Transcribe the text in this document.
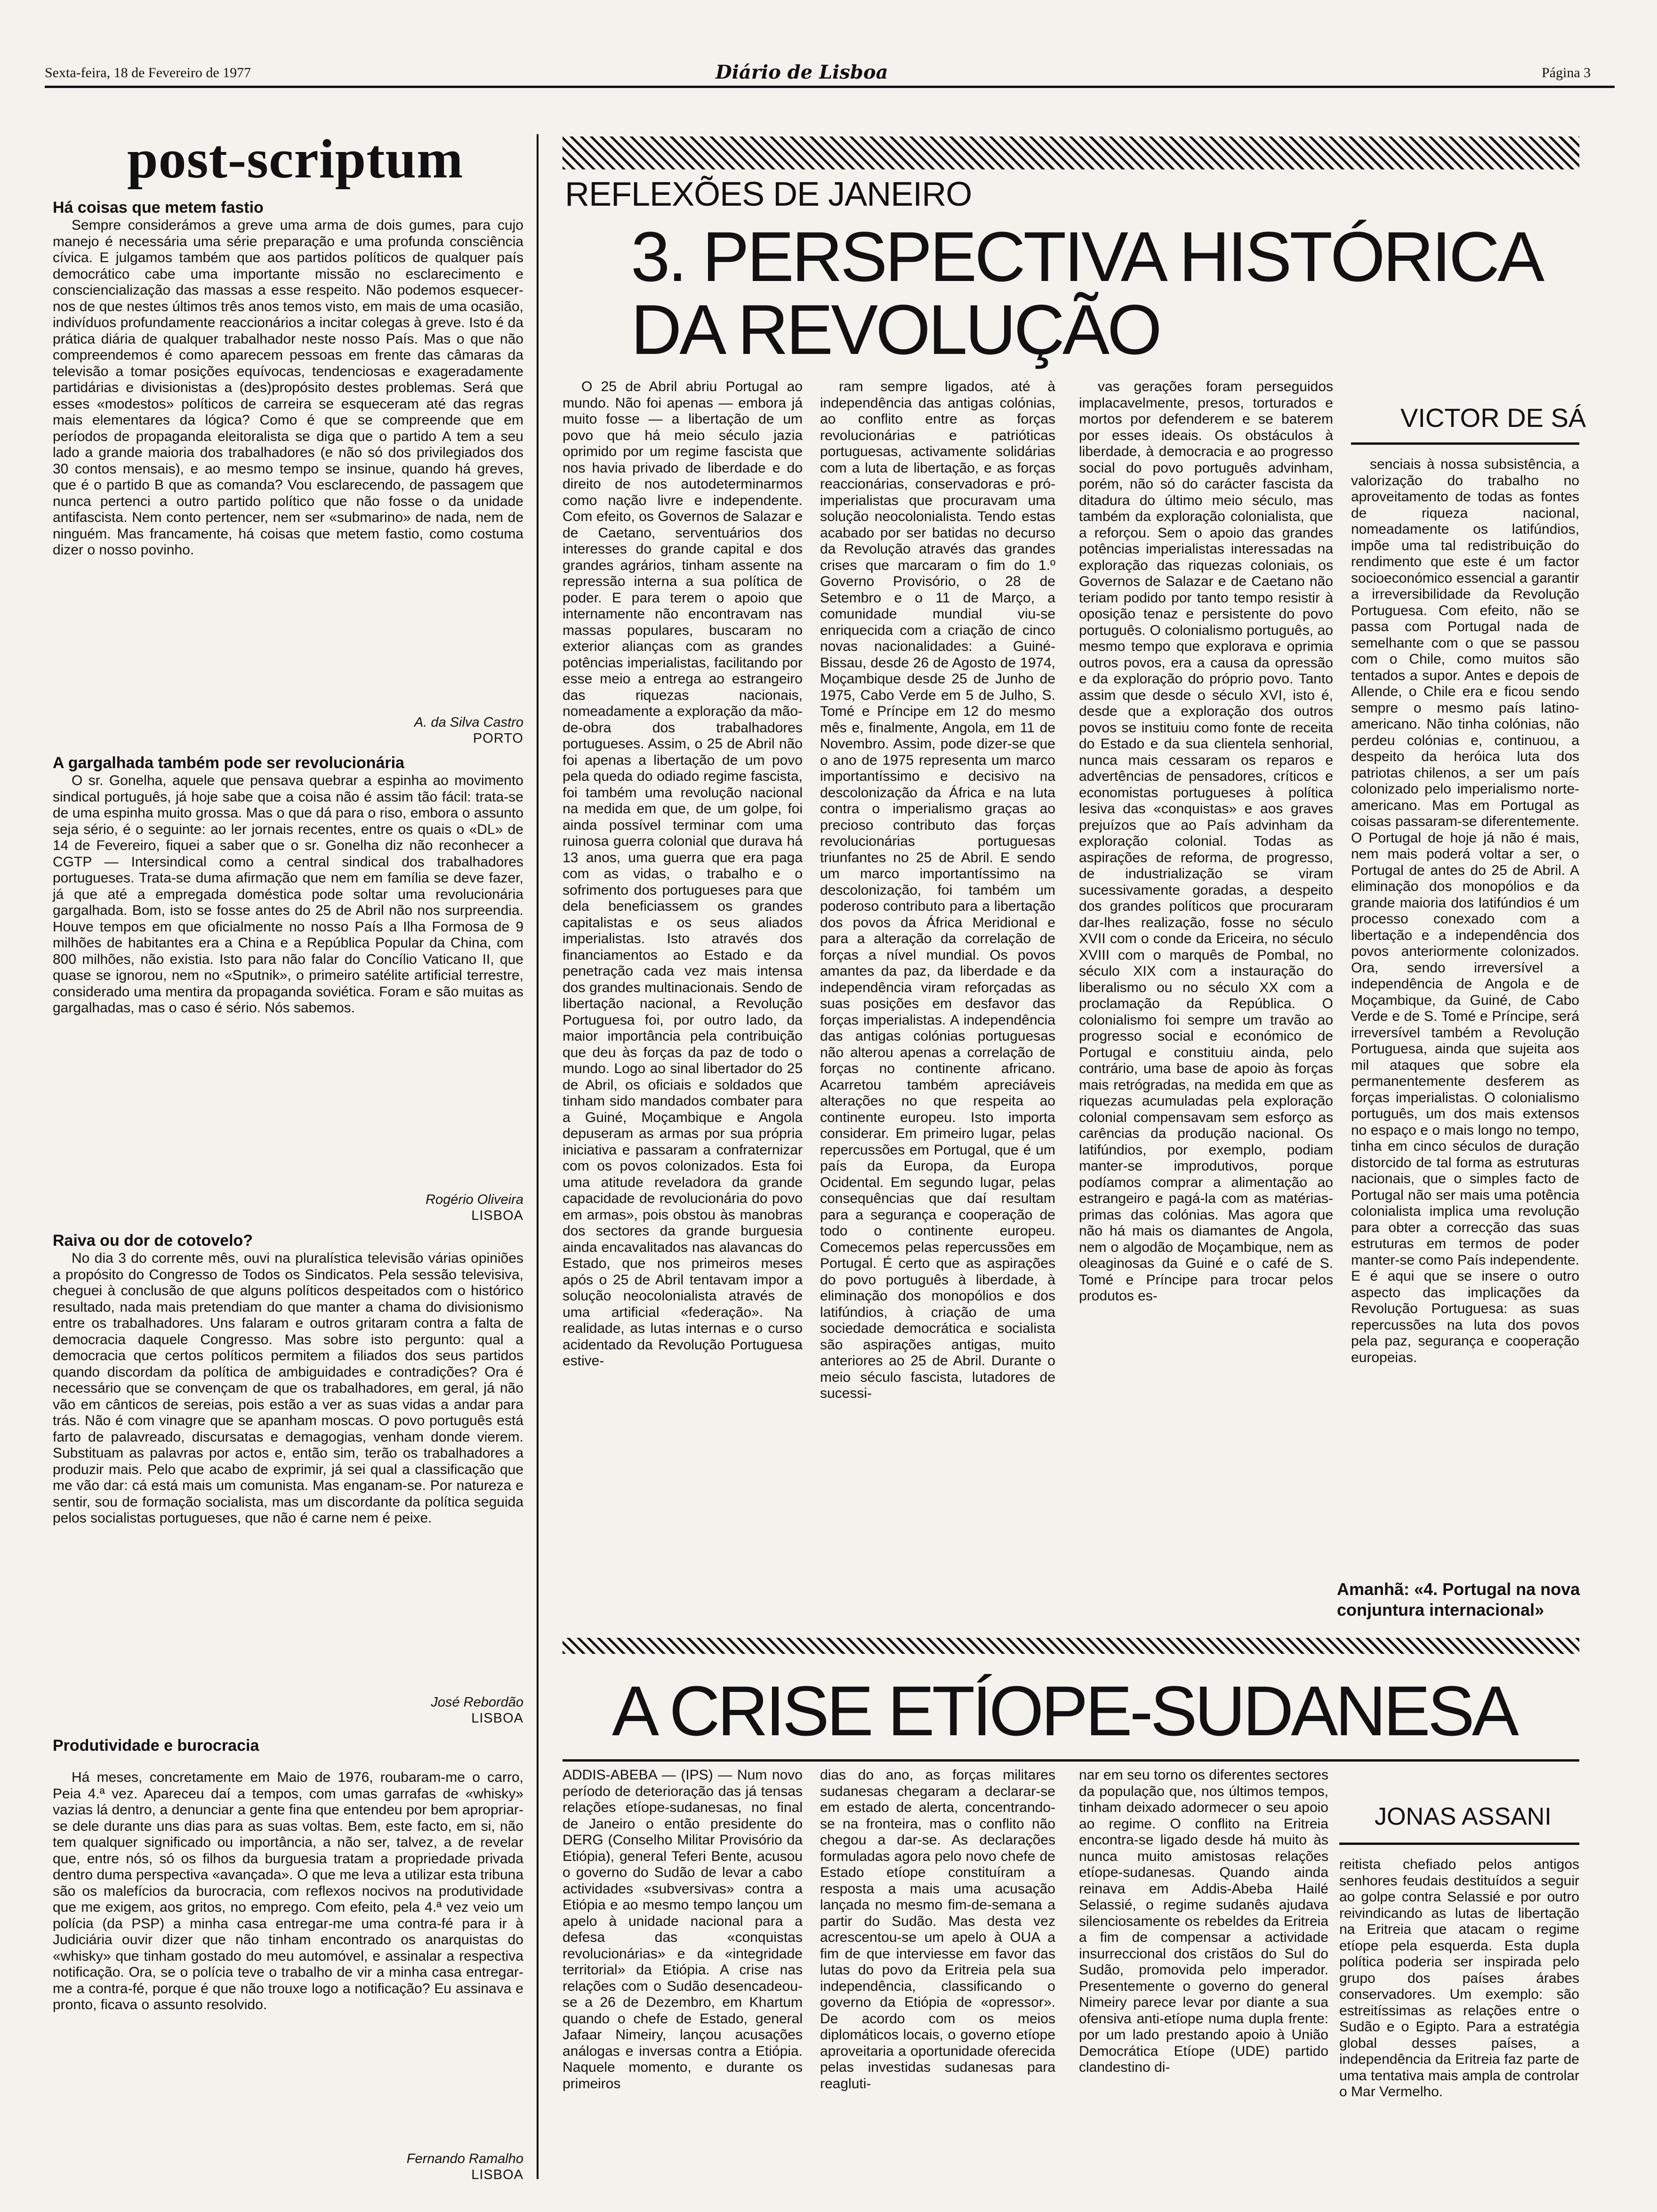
Sexta-feira, 18 de Fevereiro de 1977	Diário de Lisboa	Página 3
post-scriptum
Há coisas que metem fastio

Sempre considerámos a greve uma arma de dois gumes, para cujo manejo é necessária uma série preparação e uma profunda consciência cívica. E julgamos também que aos partidos políticos de qualquer país democrático cabe uma importante missão no esclarecimento e consciencialização das massas a esse respeito. Não podemos esquecer-nos de que nestes últimos três anos temos visto, em mais de uma ocasião, indivíduos profundamente reaccionários a incitar colegas à greve. Isto é da prática diária de qualquer trabalhador neste nosso País. Mas o que não compreendemos é como aparecem pessoas em frente das câmaras da televisão a tomar posições equívocas, tendenciosas e exageradamente partidárias e divisionistas a (des)propósito destes problemas. Será que esses «modestos» políticos de carreira se esqueceram até das regras mais elementares da lógica? Como é que se compreende que em períodos de propaganda eleitoralista se diga que o partido A tem a seu lado a grande maioria dos trabalhadores (e não só dos privilegiados dos 30 contos mensais), e ao mesmo tempo se insinue, quando há greves, que é o partido B que as comanda? Vou esclarecendo, de passagem que nunca pertenci a outro partido político que não fosse o da unidade antifascista. Nem conto pertencer, nem ser «submarino» de nada, nem de ninguém. Mas francamente, há coisas que metem fastio, como costuma dizer o nosso povinho.

A. da Silva Castro
PORTO
A gargalhada também pode ser revolucionária

O sr. Gonelha, aquele que pensava quebrar a espinha ao movimento sindical português, já hoje sabe que a coisa não é assim tão fácil: trata-se de uma espinha muito grossa. Mas o que dá para o riso, embora o assunto seja sério, é o seguinte: ao ler jornais recentes, entre os quais o «DL» de 14 de Fevereiro, fiquei a saber que o sr. Gonelha diz não reconhecer a CGTP — Intersindical como a central sindical dos trabalhadores portugueses. Trata-se duma afirmação que nem em família se deve fazer, já que até a empregada doméstica pode soltar uma revolucionária gargalhada. Bom, isto se fosse antes do 25 de Abril não nos surpreendia. Houve tempos em que oficialmente no nosso País a Ilha Formosa de 9 milhões de habitantes era a China e a República Popular da China, com 800 milhões, não existia. Isto para não falar do Concílio Vaticano II, que quase se ignorou, nem no «Sputnik», o primeiro satélite artificial terrestre, considerado uma mentira da propaganda soviética. Foram e são muitas as gargalhadas, mas o caso é sério. Nós sabemos.

Rogério Oliveira
LISBOA
Raiva ou dor de cotovelo?

No dia 3 do corrente mês, ouvi na pluralística televisão várias opiniões a propósito do Congresso de Todos os Sindicatos. Pela sessão televisiva, cheguei à conclusão de que alguns políticos despeitados com o histórico resultado, nada mais pretendiam do que manter a chama do divisionismo entre os trabalhadores. Uns falaram e outros gritaram contra a falta de democracia daquele Congresso. Mas sobre isto pergunto: qual a democracia que certos políticos permitem a filiados dos seus partidos quando discordam da política de ambiguidades e contradições? Ora é necessário que se convençam de que os trabalhadores, em geral, já não vão em cânticos de sereias, pois estão a ver as suas vidas a andar para trás. Não é com vinagre que se apanham moscas. O povo português está farto de palavreado, discursatas e demagogias, venham donde vierem. Substituam as palavras por actos e, então sim, terão os trabalhadores a produzir mais. Pelo que acabo de exprimir, já sei qual a classificação que me vão dar: cá está mais um comunista. Mas enganam-se. Por natureza e sentir, sou de formação socialista, mas um discordante da política seguida pelos socialistas portugueses, que não é carne nem é peixe.

José Rebordão
LISBOA
Produtividade e burocracia

Há meses, concretamente em Maio de 1976, roubaram-me o carro, Peia 4.ª vez. Apareceu daí a tempos, com umas garrafas de «whisky» vazias lá dentro, a denunciar a gente fina que entendeu por bem apropriar-se dele durante uns dias para as suas voltas. Bem, este facto, em si, não tem qualquer significado ou importância, a não ser, talvez, a de revelar que, entre nós, só os filhos da burguesia tratam a propriedade privada dentro duma perspectiva «avançada». O que me leva a utilizar esta tribuna são os malefícios da burocracia, com reflexos nocivos na produtividade que me exigem, aos gritos, no emprego. Com efeito, pela 4.ª vez veio um polícia (da PSP) a minha casa entregar-me uma contra-fé para ir à Judiciária ouvir dizer que não tinham encontrado os anarquistas do «whisky» que tinham gostado do meu automóvel, e assinalar a respectiva notificação. Ora, se o polícia teve o trabalho de vir a minha casa entregar-me a contra-fé, porque é que não trouxe logo a notificação? Eu assinava e pronto, ficava o assunto resolvido.

Fernando Ramalho
LISBOA
REFLEXÕES DE JANEIRO
3. PERSPECTIVA HISTÓRICA
DA REVOLUÇÃO
VICTOR DE SÁ

O 25 de Abril abriu Portugal ao mundo. Não foi apenas — embora já muito fosse — a libertação de um povo que há meio século jazia oprimido por um regime fascista que nos havia privado de liberdade e do direito de nos autodeterminarmos como nação livre e independente. Com efeito, os Governos de Salazar e de Caetano, serventuários dos interesses do grande capital e dos grandes agrários, tinham assente na repressão interna a sua política de poder. E para terem o apoio que internamente não encontravam nas massas populares, buscaram no exterior alianças com as grandes potências imperialistas, facilitando por esse meio a entrega ao estrangeiro das riquezas nacionais, nomeadamente a exploração da mão-de-obra dos trabalhadores portugueses. Assim, o 25 de Abril não foi apenas a libertação de um povo pela queda do odiado regime fascista, foi também uma revolução nacional na medida em que, de um golpe, foi ainda possível terminar com uma ruinosa guerra colonial que durava há 13 anos, uma guerra que era paga com as vidas, o trabalho e o sofrimento dos portugueses para que dela beneficiassem os grandes capitalistas e os seus aliados imperialistas. Isto através dos financiamentos ao Estado e da penetração cada vez mais intensa dos grandes multinacionais. Sendo de libertação nacional, a Revolução Portuguesa foi, por outro lado, da maior importância pela contribuição que deu às forças da paz de todo o mundo. Logo ao sinal libertador do 25 de Abril, os oficiais e soldados que tinham sido mandados combater para a Guiné, Moçambique e Angola depuseram as armas por sua própria iniciativa e passaram a confraternizar com os povos colonizados. Esta foi uma atitude reveladora da grande capacidade de revolucionária do povo em armas», pois obstou às manobras dos sectores da grande burguesia ainda encavalitados nas alavancas do Estado, que nos primeiros meses após o 25 de Abril tentavam impor a solução neocolonialista através de uma artificial «federação». Na realidade, as lutas internas e o curso acidentado da Revolução Portuguesa estive-

ram sempre ligados, até à independência das antigas colónias, ao conflito entre as forças revolucionárias e patrióticas portuguesas, activamente solidárias com a luta de libertação, e as forças reaccionárias, conservadoras e pró-imperialistas que procuravam uma solução neocolonialista. Tendo estas acabado por ser batidas no decurso da Revolução através das grandes crises que marcaram o fim do 1.º Governo Provisório, o 28 de Setembro e o 11 de Março, a comunidade mundial viu-se enriquecida com a criação de cinco novas nacionalidades: a Guiné-Bissau, desde 26 de Agosto de 1974, Moçambique desde 25 de Junho de 1975, Cabo Verde em 5 de Julho, S. Tomé e Príncipe em 12 do mesmo mês e, finalmente, Angola, em 11 de Novembro. Assim, pode dizer-se que o ano de 1975 representa um marco importantíssimo e decisivo na descolonização da África e na luta contra o imperialismo graças ao precioso contributo das forças revolucionárias portuguesas triunfantes no 25 de Abril. E sendo um marco importantíssimo na descolonização, foi também um poderoso contributo para a libertação dos povos da África Meridional e para a alteração da correlação de forças a nível mundial. Os povos amantes da paz, da liberdade e da independência viram reforçadas as suas posições em desfavor das forças imperialistas. A independência das antigas colónias portuguesas não alterou apenas a correlação de forças no continente africano. Acarretou também apreciáveis alterações no que respeita ao continente europeu. Isto importa considerar. Em primeiro lugar, pelas repercussões em Portugal, que é um país da Europa, da Europa Ocidental. Em segundo lugar, pelas consequências que daí resultam para a segurança e cooperação de todo o continente europeu. Comecemos pelas repercussões em Portugal. É certo que as aspirações do povo português à liberdade, à eliminação dos monopólios e dos latifúndios, à criação de uma sociedade democrática e socialista são aspirações antigas, muito anteriores ao 25 de Abril. Durante o meio século fascista, lutadores de sucessi-

vas gerações foram perseguidos implacavelmente, presos, torturados e mortos por defenderem e se baterem por esses ideais. Os obstáculos à liberdade, à democracia e ao progresso social do povo português advinham, porém, não só do carácter fascista da ditadura do último meio século, mas também da exploração colonialista, que a reforçou. Sem o apoio das grandes potências imperialistas interessadas na exploração das riquezas coloniais, os Governos de Salazar e de Caetano não teriam podido por tanto tempo resistir à oposição tenaz e persistente do povo português. O colonialismo português, ao mesmo tempo que explorava e oprimia outros povos, era a causa da opressão e da exploração do próprio povo. Tanto assim que desde o século XVI, isto é, desde que a exploração dos outros povos se instituiu como fonte de receita do Estado e da sua clientela senhorial, nunca mais cessaram os reparos e advertências de pensadores, críticos e economistas portugueses à política lesiva das «conquistas» e aos graves prejuízos que ao País advinham da exploração colonial. Todas as aspirações de reforma, de progresso, de industrialização se viram sucessivamente goradas, a despeito dos grandes políticos que procuraram dar-lhes realização, fosse no século XVII com o conde da Ericeira, no século XVIII com o marquês de Pombal, no século XIX com a instauração do liberalismo ou no século XX com a proclamação da República. O colonialismo foi sempre um travão ao progresso social e económico de Portugal e constituiu ainda, pelo contrário, uma base de apoio às forças mais retrógradas, na medida em que as riquezas acumuladas pela exploração colonial compensavam sem esforço as carências da produção nacional. Os latifúndios, por exemplo, podiam manter-se improdutivos, porque podíamos comprar a alimentação ao estrangeiro e pagá-la com as matérias-primas das colónias. Mas agora que não há mais os diamantes de Angola, nem o algodão de Moçambique, nem as oleaginosas da Guiné e o café de S. Tomé e Príncipe para trocar pelos produtos es-

senciais à nossa subsistência, a valorização do trabalho no aproveitamento de todas as fontes de riqueza nacional, nomeadamente os latifúndios, impõe uma tal redistribuição do rendimento que este é um factor socioeconómico essencial a garantir a irreversibilidade da Revolução Portuguesa. Com efeito, não se passa com Portugal nada de semelhante com o que se passou com o Chile, como muitos são tentados a supor. Antes e depois de Allende, o Chile era e ficou sendo sempre o mesmo país latino-americano. Não tinha colónias, não perdeu colónias e, continuou, a despeito da heróica luta dos patriotas chilenos, a ser um país colonizado pelo imperialismo norte-americano. Mas em Portugal as coisas passaram-se diferentemente. O Portugal de hoje já não é mais, nem mais poderá voltar a ser, o Portugal de antes do 25 de Abril. A eliminação dos monopólios e da grande maioria dos latifúndios é um processo conexado com a libertação e a independência dos povos anteriormente colonizados. Ora, sendo irreversível a independência de Angola e de Moçambique, da Guiné, de Cabo Verde e de S. Tomé e Príncipe, será irreversível também a Revolução Portuguesa, ainda que sujeita aos mil ataques que sobre ela permanentemente desferem as forças imperialistas. O colonialismo português, um dos mais extensos no espaço e o mais longo no tempo, tinha em cinco séculos de duração distorcido de tal forma as estruturas nacionais, que o simples facto de Portugal não ser mais uma potência colonialista implica uma revolução para obter a correcção das suas estruturas em termos de poder manter-se como País independente. E é aqui que se insere o outro aspecto das implicações da Revolução Portuguesa: as suas repercussões na luta dos povos pela paz, segurança e cooperação europeias.

Amanhã: «4. Portugal na nova conjuntura internacional»
A CRISE ETÍOPE-SUDANESA
JONAS ASSANI

ADDIS-ABEBA — (IPS) — Num novo período de deterioração das já tensas relações etíope-sudanesas, no final de Janeiro o então presidente do DERG (Conselho Militar Provisório da Etiópia), general Teferi Bente, acusou o governo do Sudão de levar a cabo actividades «subversivas» contra a Etiópia e ao mesmo tempo lançou um apelo à unidade nacional para a defesa das «conquistas revolucionárias» e da «integridade territorial» da Etiópia. A crise nas relações com o Sudão desencadeou-se a 26 de Dezembro, em Khartum quando o chefe de Estado, general Jafaar Nimeiry, lançou acusações análogas e inversas contra a Etiópia. Naquele momento, e durante os primeiros

dias do ano, as forças militares sudanesas chegaram a declarar-se em estado de alerta, concentrando-se na fronteira, mas o conflito não chegou a dar-se. As declarações formuladas agora pelo novo chefe de Estado etíope constituíram a resposta a mais uma acusação lançada no mesmo fim-de-semana a partir do Sudão. Mas desta vez acrescentou-se um apelo à OUA a fim de que interviesse em favor das lutas do povo da Eritreia pela sua independência, classificando o governo da Etiópia de «opressor». De acordo com os meios diplomáticos locais, o governo etíope aproveitaria a oportunidade oferecida pelas investidas sudanesas para reagluti-

nar em seu torno os diferentes sectores da população que, nos últimos tempos, tinham deixado adormecer o seu apoio ao regime. O conflito na Eritreia encontra-se ligado desde há muito às nunca muito amistosas relações etíope-sudanesas. Quando ainda reinava em Addis-Abeba Hailé Selassié, o regime sudanês ajudava silenciosamente os rebeldes da Eritreia a fim de compensar a actividade insurreccional dos cristãos do Sul do Sudão, promovida pelo imperador. Presentemente o governo do general Nimeiry parece levar por diante a sua ofensiva anti-etíope numa dupla frente: por um lado prestando apoio à União Democrática Etíope (UDE) partido clandestino di-

reitista chefiado pelos antigos senhores feudais destituídos a seguir ao golpe contra Selassié e por outro reivindicando as lutas de libertação na Eritreia que atacam o regime etíope pela esquerda. Esta dupla política poderia ser inspirada pelo grupo dos países árabes conservadores. Um exemplo: são estreitíssimas as relações entre o Sudão e o Egipto. Para a estratégia global desses países, a independência da Eritreia faz parte de uma tentativa mais ampla de controlar o Mar Vermelho.
